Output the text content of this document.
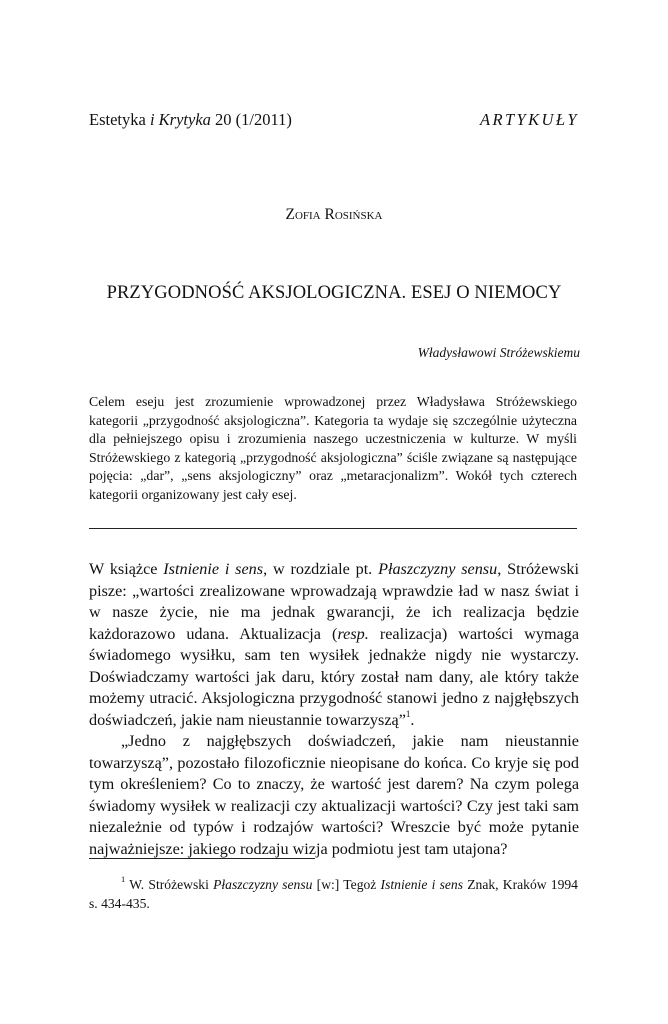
Estetyka i Krytyka 20 (1/2011)	ARTYKUŁY
Zofia Rosińska
PRZYGODNOŚĆ AKSJOLOGICZNA. ESEJ O NIEMOCY
Władysławowi Stróżewskiemu
Celem eseju jest zrozumienie wprowadzonej przez Władysława Stróżewskiego kategorii „przygodność aksjologiczna”. Kategoria ta wydaje się szczególnie użyteczna dla pełniejszego opisu i zrozumienia naszego uczestniczenia w kulturze. W myśli Stróżewskiego z kategorią „przygodność aksjologiczna” ściśle związane są następujące pojęcia: „dar”, „sens aksjologiczny” oraz „metaracjonalizm”. Wokół tych czterech kategorii organizowany jest cały esej.

W książce Istnienie i sens, w rozdziale pt. Płaszczyzny sensu, Stróżewski pisze: „wartości zrealizowane wprowadzają wprawdzie ład w nasz świat i w nasze życie, nie ma jednak gwarancji, że ich realizacja będzie każdorazowo udana. Aktualizacja (resp. realizacja) wartości wymaga świadomego wysiłku, sam ten wysiłek jednakże nigdy nie wystarczy. Doświadczamy wartości jak daru, który został nam dany, ale który także możemy utracić. Aksjologiczna przygodność stanowi jedno z najgłębszych doświadczeń, jakie nam nieustannie towarzyszą”$^1$.

„Jedno z najgłębszych doświadczeń, jakie nam nieustannie towarzyszą”, pozostało filozoficznie nieopisane do końca. Co kryje się pod tym określeniem? Co to znaczy, że wartość jest darem? Na czym polega świadomy wysiłek w realizacji czy aktualizacji wartości? Czy jest taki sam niezależnie od typów i rodzajów wartości? Wreszcie być może pytanie najważniejsze: jakiego rodzaju wizja podmiotu jest tam utajona?

$^1$ W. Stróżewski Płaszczyzny sensu [w:] Tegoż Istnienie i sens Znak, Kraków 1994 s. 434-435.
